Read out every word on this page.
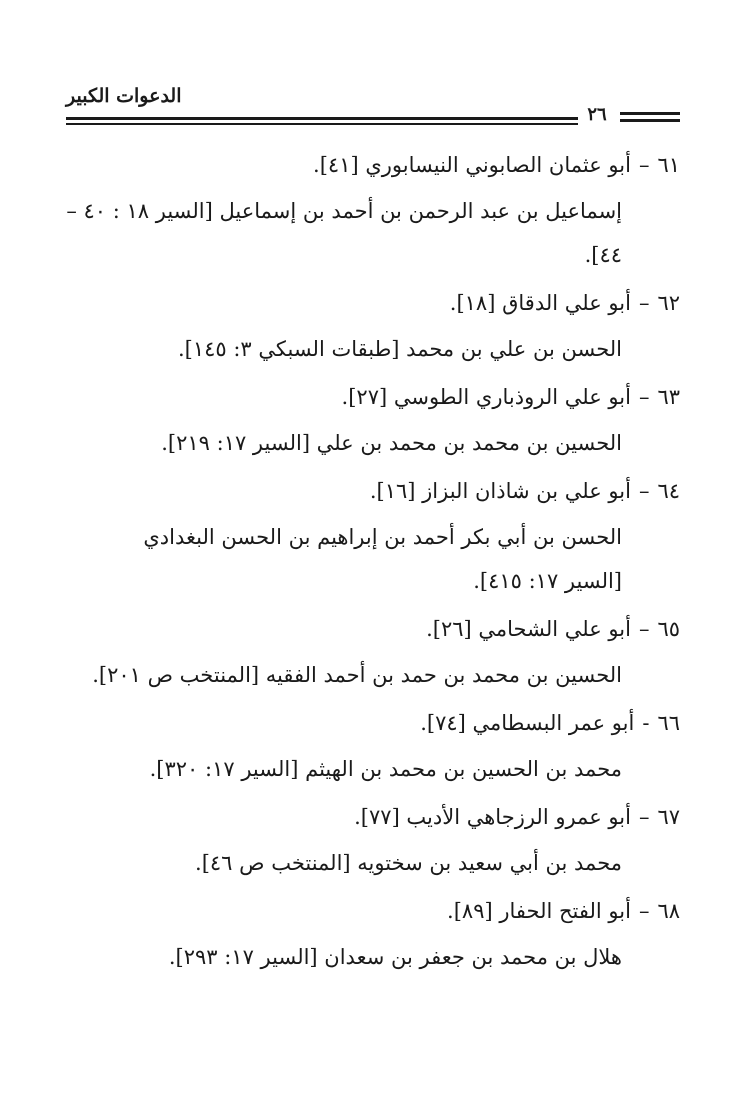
الدعوات الكبير
٢٦
٦١–أبو عثمان الصابوني النيسابوري [٤١].
إسماعيل بن عبد الرحمن بن أحمد بن إسماعيل [السير ١٨ : ٤٠ –
٤٤].
٦٢–أبو علي الدقاق [١٨].
الحسن بن علي بن محمد [طبقات السبكي ٣: ١٤٥].
٦٣–أبو علي الروذباري الطوسي [٢٧].
الحسين بن محمد بن محمد بن علي [السير ١٧: ٢١٩].
٦٤–أبو علي بن شاذان البزاز [١٦].
الحسن بن أبي بكر أحمد بن إبراهيم بن الحسن البغدادي
[السير ١٧: ٤١٥].
٦٥–أبو علي الشحامي [٢٦].
الحسين بن محمد بن حمد بن أحمد الفقيه [المنتخب ص ٢٠١].
٦٦-أبو عمر البسطامي [٧٤].
محمد بن الحسين بن محمد بن الهيثم [السير ١٧: ٣٢٠].
٦٧–أبو عمرو الرزجاهي الأديب [٧٧].
محمد بن أبي سعيد بن سختويه [المنتخب ص ٤٦].
٦٨–أبو الفتح الحفار [٨٩].
هلال بن محمد بن جعفر بن سعدان [السير ١٧: ٢٩٣].
